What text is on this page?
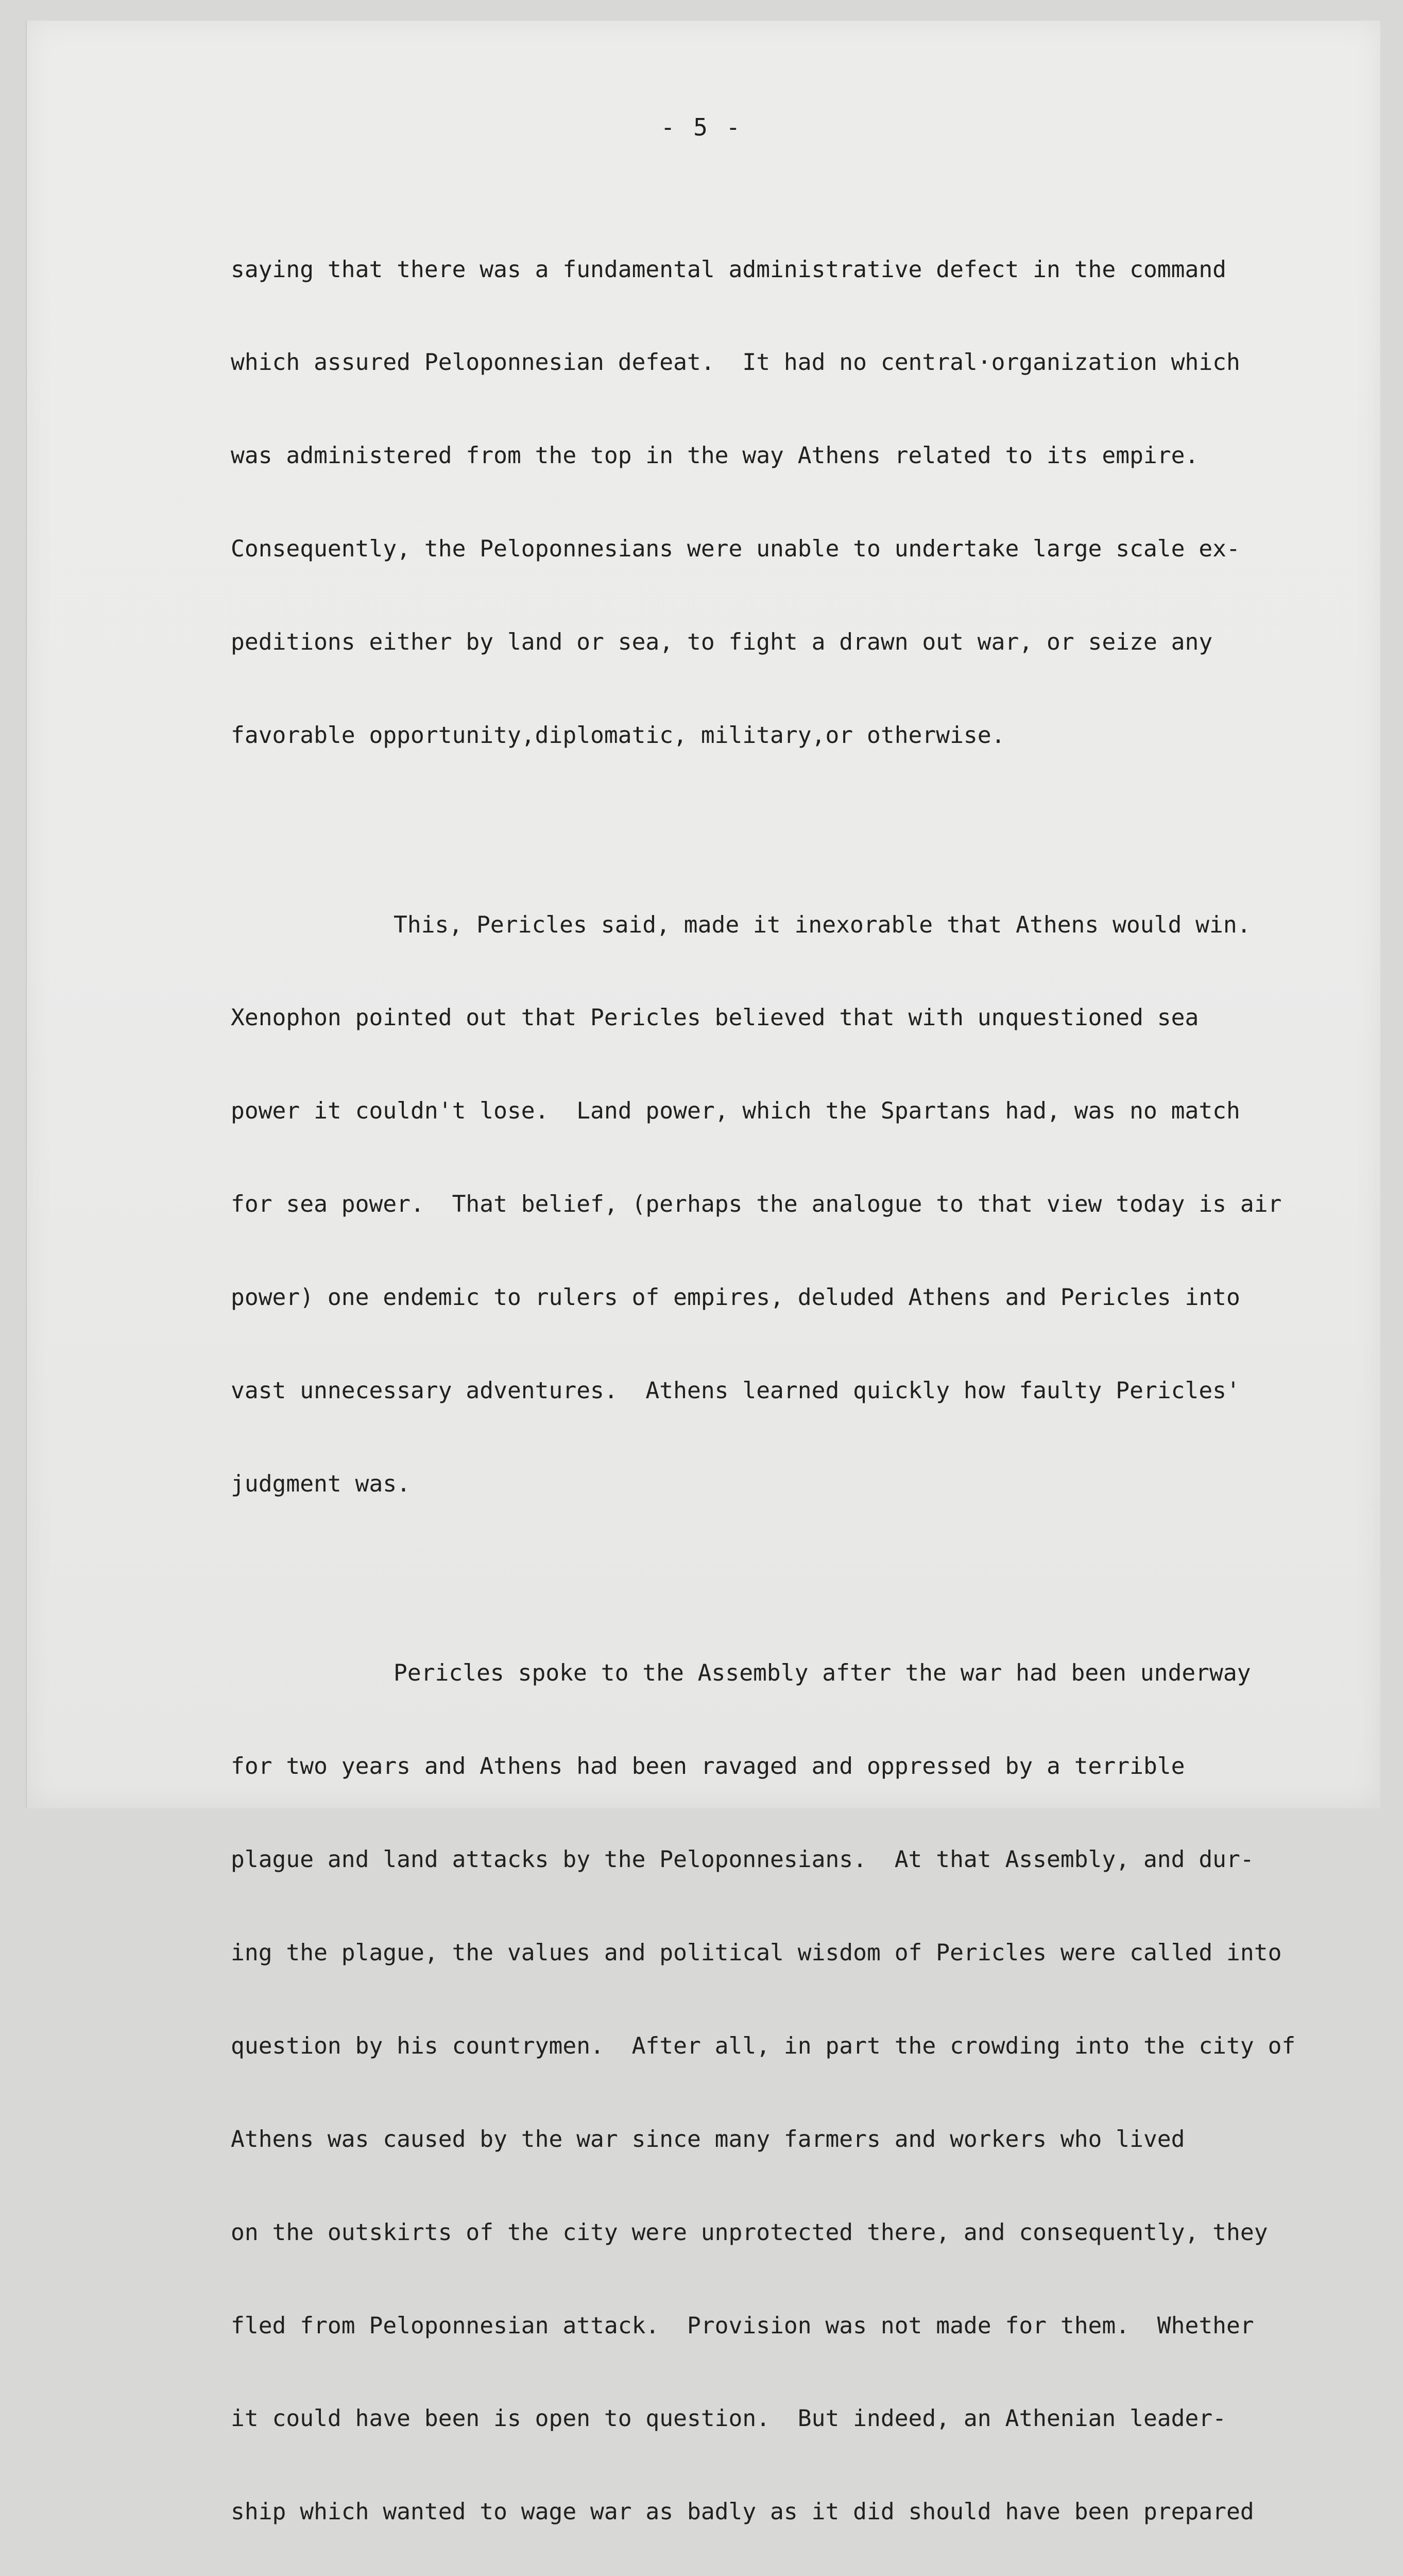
- 5 -

saying that there was a fundamental administrative defect in the command

which assured Peloponnesian defeat.  It had no central·organization which

was administered from the top in the way Athens related to its empire.

Consequently, the Peloponnesians were unable to undertake large scale ex-

peditions either by land or sea, to fight a drawn out war, or seize any

favorable opportunity,diplomatic, military,or otherwise.

This, Pericles said, made it inexorable that Athens would win.

Xenophon pointed out that Pericles believed that with unquestioned sea

power it couldn't lose.  Land power, which the Spartans had, was no match

for sea power.  That belief, (perhaps the analogue to that view today is air

power) one endemic to rulers of empires, deluded Athens and Pericles into

vast unnecessary adventures.  Athens learned quickly how faulty Pericles'

judgment was.

Pericles spoke to the Assembly after the war had been underway

for two years and Athens had been ravaged and oppressed by a terrible

plague and land attacks by the Peloponnesians.  At that Assembly, and dur-

ing the plague, the values and political wisdom of Pericles were called into

question by his countrymen.  After all, in part the crowding into the city of

Athens was caused by the war since many farmers and workers who lived

on the outskirts of the city were unprotected there, and consequently, they

fled from Peloponnesian attack.  Provision was not made for them.  Whether

it could have been is open to question.  But indeed, an Athenian leader-

ship which wanted to wage war as badly as it did should have been prepared
